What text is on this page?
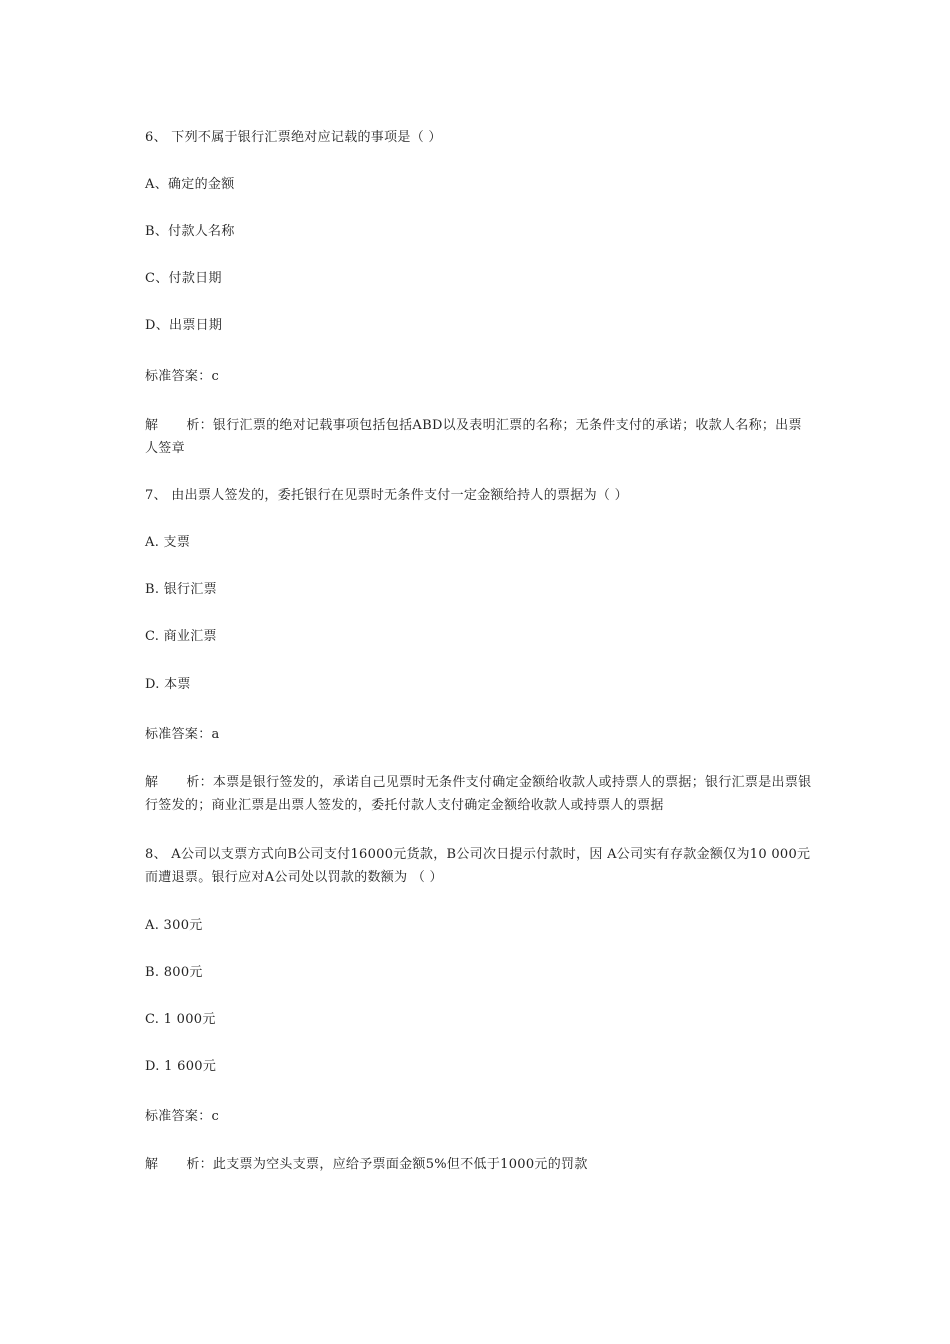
6、 下列不属于银行汇票绝对应记载的事项是（ ）
A、确定的金额
B、付款人名称
C、付款日期
D、出票日期
标准答案：c
解 析：银行汇票的绝对记载事项包括包括ABD以及表明汇票的名称；无条件支付的承诺；收款人名称；出票人签章
7、 由出票人签发的，委托银行在见票时无条件支付一定金额给持人的票据为（ ）
A. 支票
B. 银行汇票
C. 商业汇票
D. 本票
标准答案：a
解 析：本票是银行签发的，承诺自己见票时无条件支付确定金额给收款人或持票人的票据；银行汇票是出票银行签发的；商业汇票是出票人签发的，委托付款人支付确定金额给收款人或持票人的票据
8、 A公司以支票方式向B公司支付16000元货款，B公司次日提示付款时，因 A公司实有存款金额仅为10 000元而遭退票。银行应对A公司处以罚款的数额为 （ ）
A. 300元
B. 800元
C. 1 000元
D. 1 600元
标准答案：c
解 析：此支票为空头支票，应给予票面金额5%但不低于1000元的罚款
